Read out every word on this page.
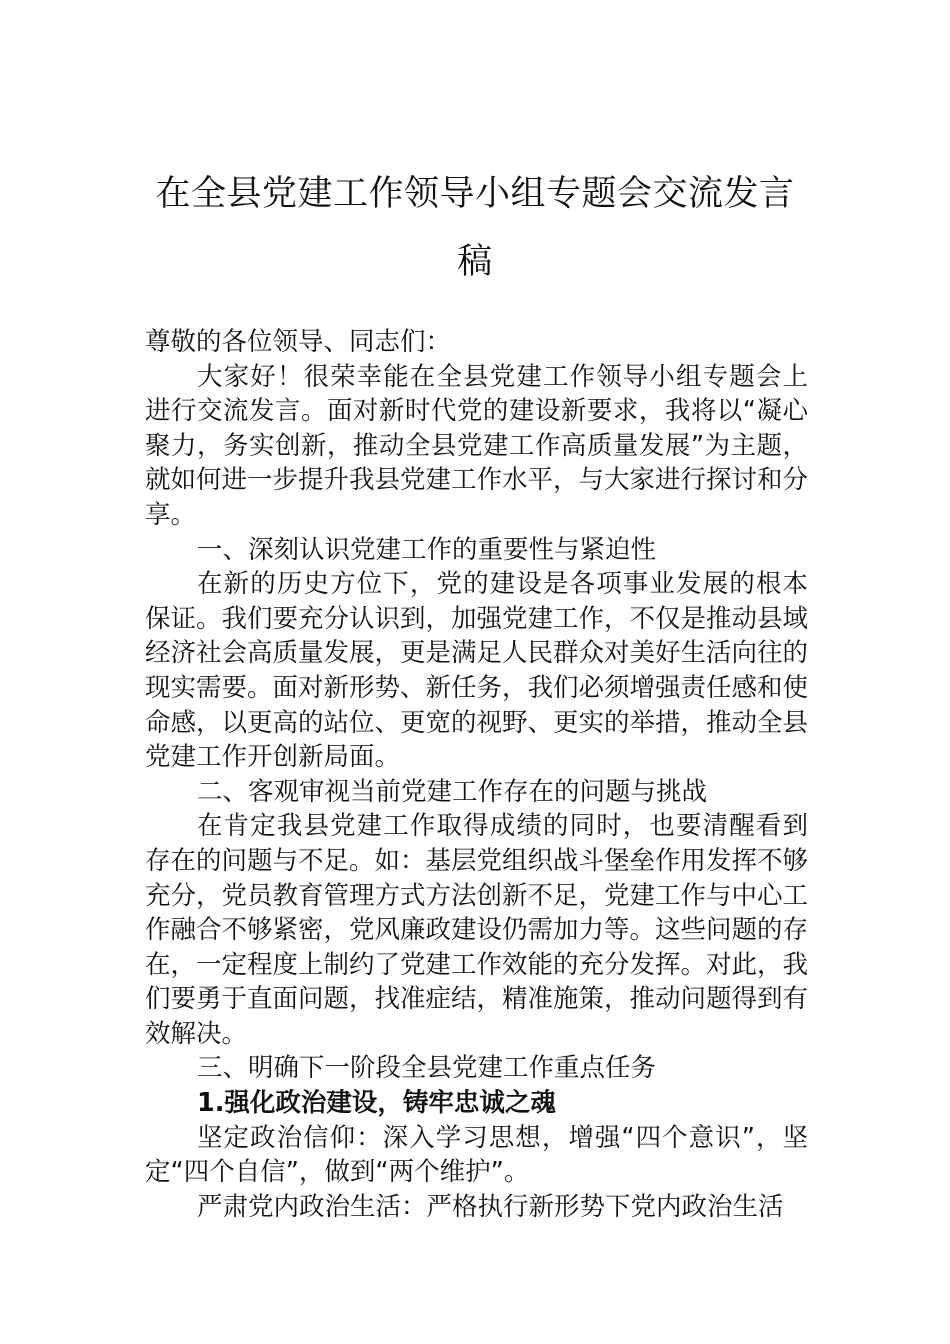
在全县党建工作领导小组专题会交流发言稿

尊敬的各位领导、同志们：

大家好！很荣幸能在全县党建工作领导小组专题会上进行交流发言。面对新时代党的建设新要求，我将以“凝心聚力，务实创新，推动全县党建工作高质量发展”为主题，就如何进一步提升我县党建工作水平，与大家进行探讨和分享。

一、深刻认识党建工作的重要性与紧迫性

在新的历史方位下，党的建设是各项事业发展的根本保证。我们要充分认识到，加强党建工作，不仅是推动县域经济社会高质量发展，更是满足人民群众对美好生活向往的现实需要。面对新形势、新任务，我们必须增强责任感和使命感，以更高的站位、更宽的视野、更实的举措，推动全县党建工作开创新局面。

二、客观审视当前党建工作存在的问题与挑战

在肯定我县党建工作取得成绩的同时，也要清醒看到存在的问题与不足。如：基层党组织战斗堡垒作用发挥不够充分，党员教育管理方式方法创新不足，党建工作与中心工作融合不够紧密，党风廉政建设仍需加力等。这些问题的存在，一定程度上制约了党建工作效能的充分发挥。对此，我们要勇于直面问题，找准症结，精准施策，推动问题得到有效解决。

三、明确下一阶段全县党建工作重点任务

1.强化政治建设，铸牢忠诚之魂

坚定政治信仰：深入学习思想，增强“四个意识”，坚定“四个自信”，做到“两个维护”。

严肃党内政治生活：严格执行新形势下党内政治生活
